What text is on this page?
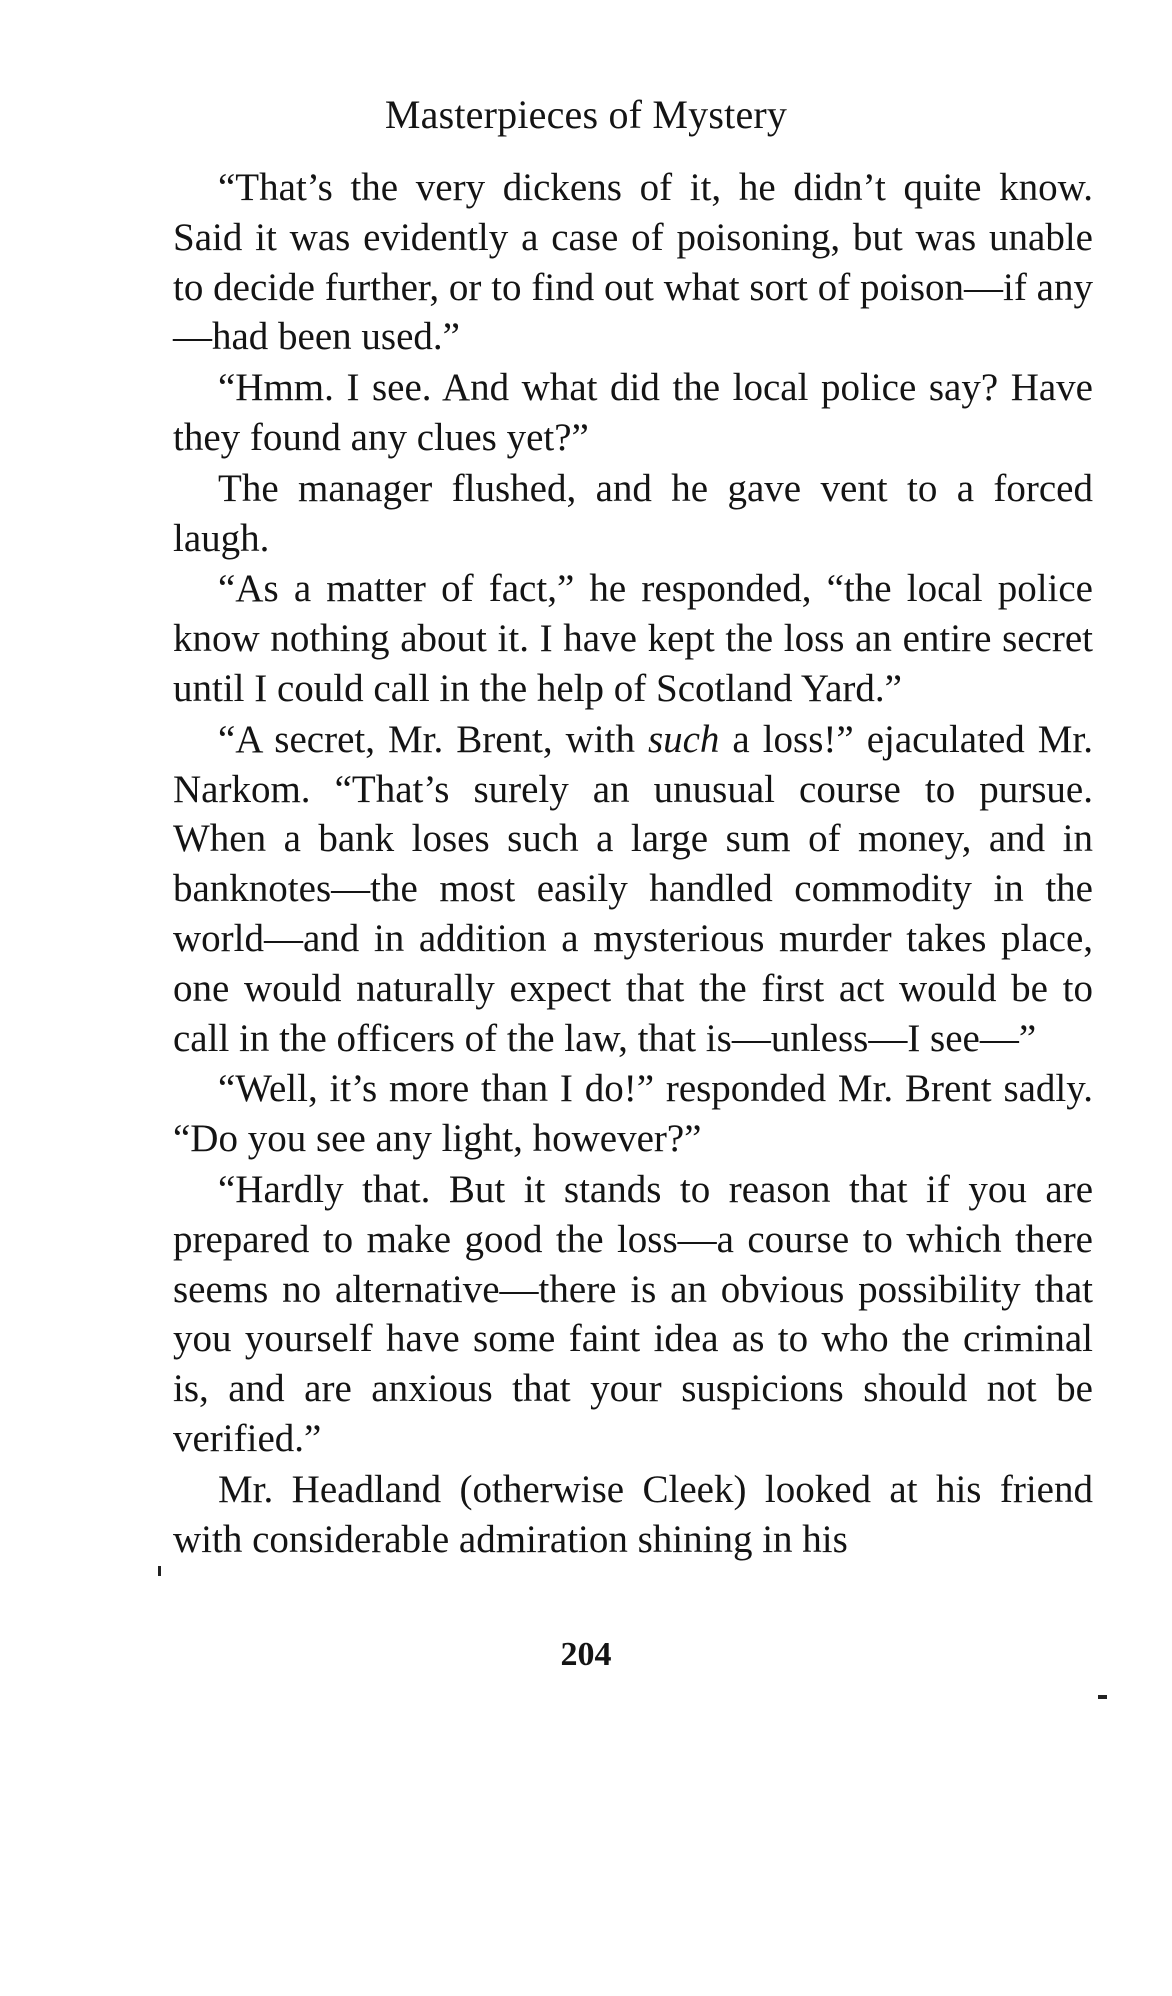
Masterpieces of Mystery

“That’s the very dickens of it, he didn’t quite know. Said it was evidently a case of poisoning, but was unable to decide further, or to find out what sort of poison—if any—had been used.”

“Hmm. I see. And what did the local police say? Have they found any clues yet?”

The manager flushed, and he gave vent to a forced laugh.

“As a matter of fact,” he responded, “the local police know nothing about it. I have kept the loss an entire secret until I could call in the help of Scotland Yard.”

“A secret, Mr. Brent, with such a loss!” ejaculated Mr. Narkom. “That’s surely an unusual course to pursue. When a bank loses such a large sum of money, and in banknotes—the most easily handled commodity in the world—and in addition a mysterious murder takes place, one would naturally expect that the first act would be to call in the officers of the law, that is—unless—I see—”

“Well, it’s more than I do!” responded Mr. Brent sadly. “Do you see any light, however?”

“Hardly that. But it stands to reason that if you are prepared to make good the loss—a course to which there seems no alternative—there is an obvious possibility that you yourself have some faint idea as to who the criminal is, and are anxious that your suspicions should not be verified.”

Mr. Headland (otherwise Cleek) looked at his friend with considerable admiration shining in his

204
